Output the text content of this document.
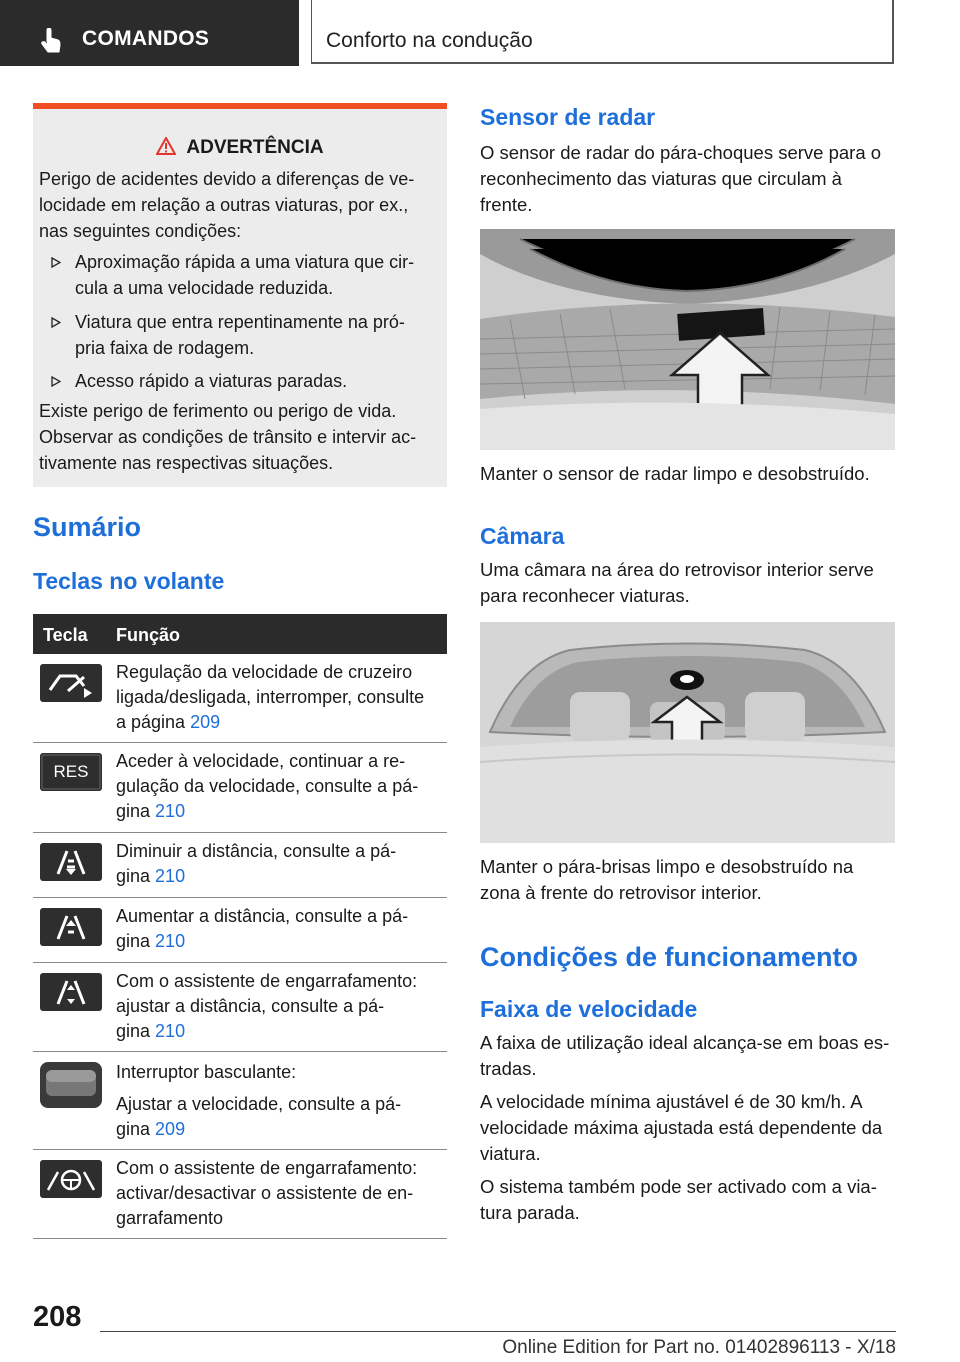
COMANDOS	Conforto na condução
ADVERTÊNCIA

Perigo de acidentes devido a diferenças de ve-

locidade em relação a outras viaturas, por ex.,

nas seguintes condições:

Aproximação rápida a uma viatura que cir-
cula a uma velocidade reduzida.
Viatura que entra repentinamente na pró-
pria faixa de rodagem.
Acesso rápido a viaturas paradas.

Existe perigo de ferimento ou perigo de vida.

Observar as condições de trânsito e intervir ac-

tivamente nas respectivas situações.

Sumário
Teclas no volante
Tecla Função
Regulação da velocidade de cruzeiro
ligada/desligada, interromper, consulte
a página 209
RES
Aceder à velocidade, continuar a re-
gulação da velocidade, consulte a pá-
gina 210
Diminuir a distância, consulte a pá-
gina 210
Aumentar a distância, consulte a pá-
gina 210
Com o assistente de engarrafamento:
ajustar a distância, consulte a pá-
gina 210
Interruptor basculante:
Ajustar a velocidade, consulte a pá-
gina 209
Com o assistente de engarrafamento:
activar/desactivar o assistente de en-
garrafamento
Sensor de radar
O sensor de radar do pára-choques serve para o
reconhecimento das viaturas que circulam à
frente.
Manter o sensor de radar limpo e desobstruído.
Câmara
Uma câmara na área do retrovisor interior serve
para reconhecer viaturas.
Manter o pára-brisas limpo e desobstruído na
zona à frente do retrovisor interior.
Condições de funcionamento
Faixa de velocidade
A faixa de utilização ideal alcança-se em boas es-
tradas.
A velocidade mínima ajustável é de 30 km/h. A
velocidade máxima ajustada está dependente da
viatura.
O sistema também pode ser activado com a via-
tura parada.
208
Online Edition for Part no. 01402896113 - X/18
